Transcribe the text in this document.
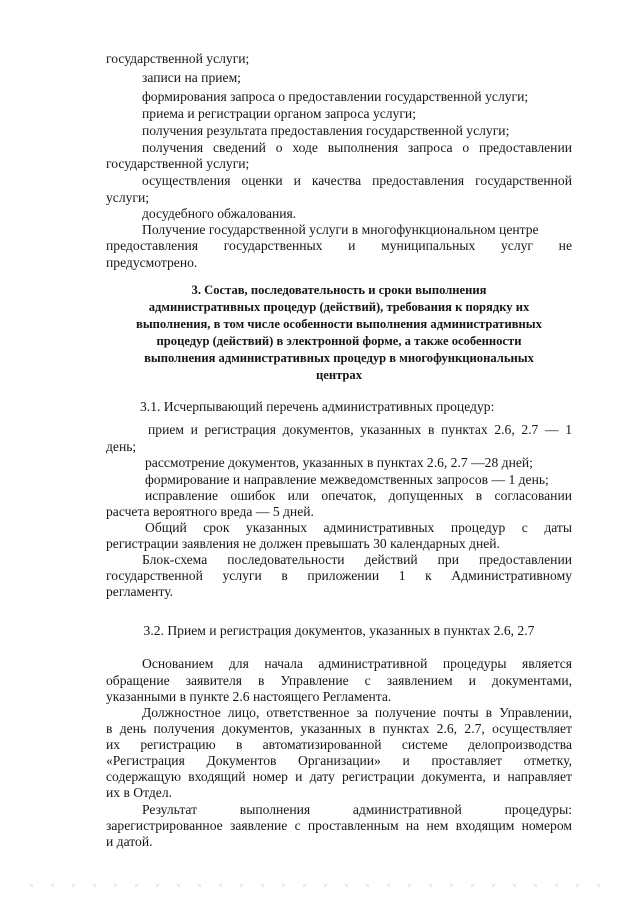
государственной услуги;

записи на прием;

формирования запроса о предоставлении государственной услуги;

приема и регистрации органом запроса услуги;

получения результата предоставления государственной услуги;

получения сведений о ходе выполнения запроса о предоставлении

государственной услуги;

осуществления оценки и качества предоставления государственной

услуги;

досудебного обжалования.

Получение государственной услуги в многофункциональном центре

предоставления государственных и муниципальных услуг не

предусмотрено.

3. Состав, последовательность и сроки выполнения

административных процедур (действий), требования к порядку их

выполнения, в том числе особенности выполнения административных

процедур (действий) в электронной форме, а также особенности

выполнения административных процедур в многофункциональных

центрах

3.1. Исчерпывающий перечень административных процедур:

прием и регистрация документов, указанных в пунктах 2.6, 2.7 — 1

день;

рассмотрение документов, указанных в пунктах 2.6, 2.7 —28 дней;

формирование и направление межведомственных запросов — 1 день;

исправление ошибок или опечаток, допущенных в согласовании

расчета вероятного вреда — 5 дней.

Общий срок указанных административных процедур с даты

регистрации заявления не должен превышать 30 календарных дней.

Блок-схема последовательности действий при предоставлении

государственной услуги в приложении 1 к Административному

регламенту.

3.2. Прием и регистрация документов, указанных в пунктах 2.6, 2.7

Основанием для начала административной процедуры является

обращение заявителя в Управление с заявлением и документами,

указанными в пункте 2.6 настоящего Регламента.

Должностное лицо, ответственное за получение почты в Управлении,

в день получения документов, указанных в пунктах 2.6, 2.7, осуществляет

их регистрацию в автоматизированной системе делопроизводства

«Регистрация Документов Организации» и проставляет отметку,

содержащую входящий номер и дату регистрации документа, и направляет

их в Отдел.

Результат выполнения административной процедуры:

зарегистрированное заявление с проставленным на нем входящим номером

и датой.
